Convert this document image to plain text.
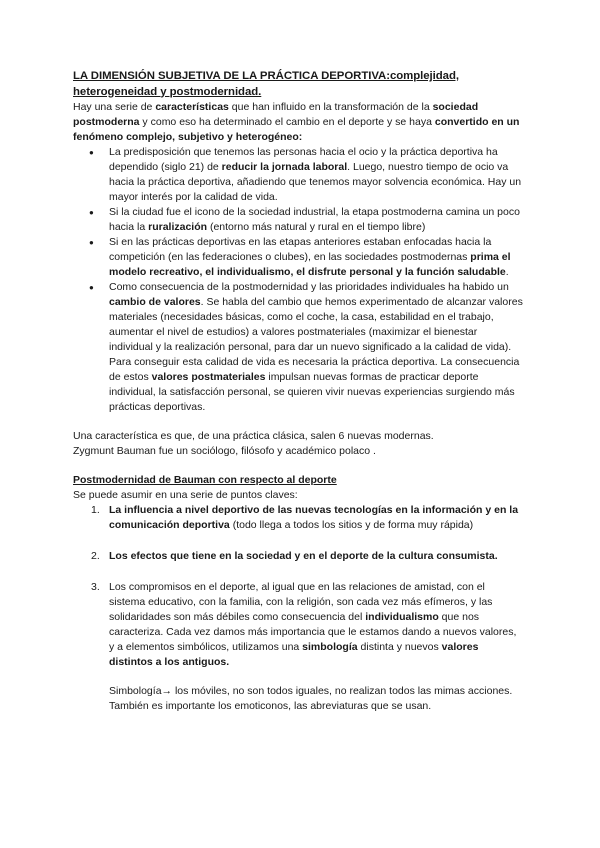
LA DIMENSIÓN SUBJETIVA DE LA PRÁCTICA DEPORTIVA:complejidad, heterogeneidad y postmodernidad.

Hay una serie de características que han influido en la transformación de la sociedad postmoderna y como eso ha determinado el cambio en el deporte y se haya convertido en un fenómeno complejo, subjetivo y heterogéneo:

● La predisposición que tenemos las personas hacia el ocio y la práctica deportiva ha dependido (siglo 21) de reducir la jornada laboral. Luego, nuestro tiempo de ocio va hacia la práctica deportiva, añadiendo que tenemos mayor solvencia económica. Hay un mayor interés por la calidad de vida.
● Si la ciudad fue el icono de la sociedad industrial, la etapa postmoderna camina un poco hacia la ruralización (entorno más natural y rural en el tiempo libre)
● Si en las prácticas deportivas en las etapas anteriores estaban enfocadas hacia la competición (en las federaciones o clubes), en las sociedades postmodernas prima el modelo recreativo, el individualismo, el disfrute personal y la función saludable.
● Como consecuencia de la postmodernidad y las prioridades individuales ha habido un cambio de valores. Se habla del cambio que hemos experimentado de alcanzar valores materiales (necesidades básicas, como el coche, la casa, estabilidad en el trabajo, aumentar el nivel de estudios) a valores postmateriales (maximizar el bienestar individual y la realización personal, para dar un nuevo significado a la calidad de vida). Para conseguir esta calidad de vida es necesaria la práctica deportiva. La consecuencia de estos valores postmateriales impulsan nuevas formas de practicar deporte individual, la satisfacción personal, se quieren vivir nuevas experiencias surgiendo más prácticas deportivas.

Una característica es que, de una práctica clásica, salen 6 nuevas modernas.

Zygmunt Bauman fue un sociólogo, filósofo y académico polaco .

Postmodernidad de Bauman con respecto al deporte

Se puede asumir en una serie de puntos claves:

1. La influencia a nivel deportivo de las nuevas tecnologías en la información y en la comunicación deportiva (todo llega a todos los sitios y de forma muy rápida)
2. Los efectos que tiene en la sociedad y en el deporte de la cultura consumista.
3. Los compromisos en el deporte, al igual que en las relaciones de amistad, con el sistema educativo, con la familia, con la religión, son cada vez más efímeros, y las solidaridades son más débiles como consecuencia del individualismo que nos caracteriza. Cada vez damos más importancia que le estamos dando a nuevos valores, y a elementos simbólicos, utilizamos una simbología distinta y nuevos valores distintos a los antiguos.

Simbología→ los móviles, no son todos iguales, no realizan todos las mimas acciones. También es importante los emoticonos, las abreviaturas que se usan.
